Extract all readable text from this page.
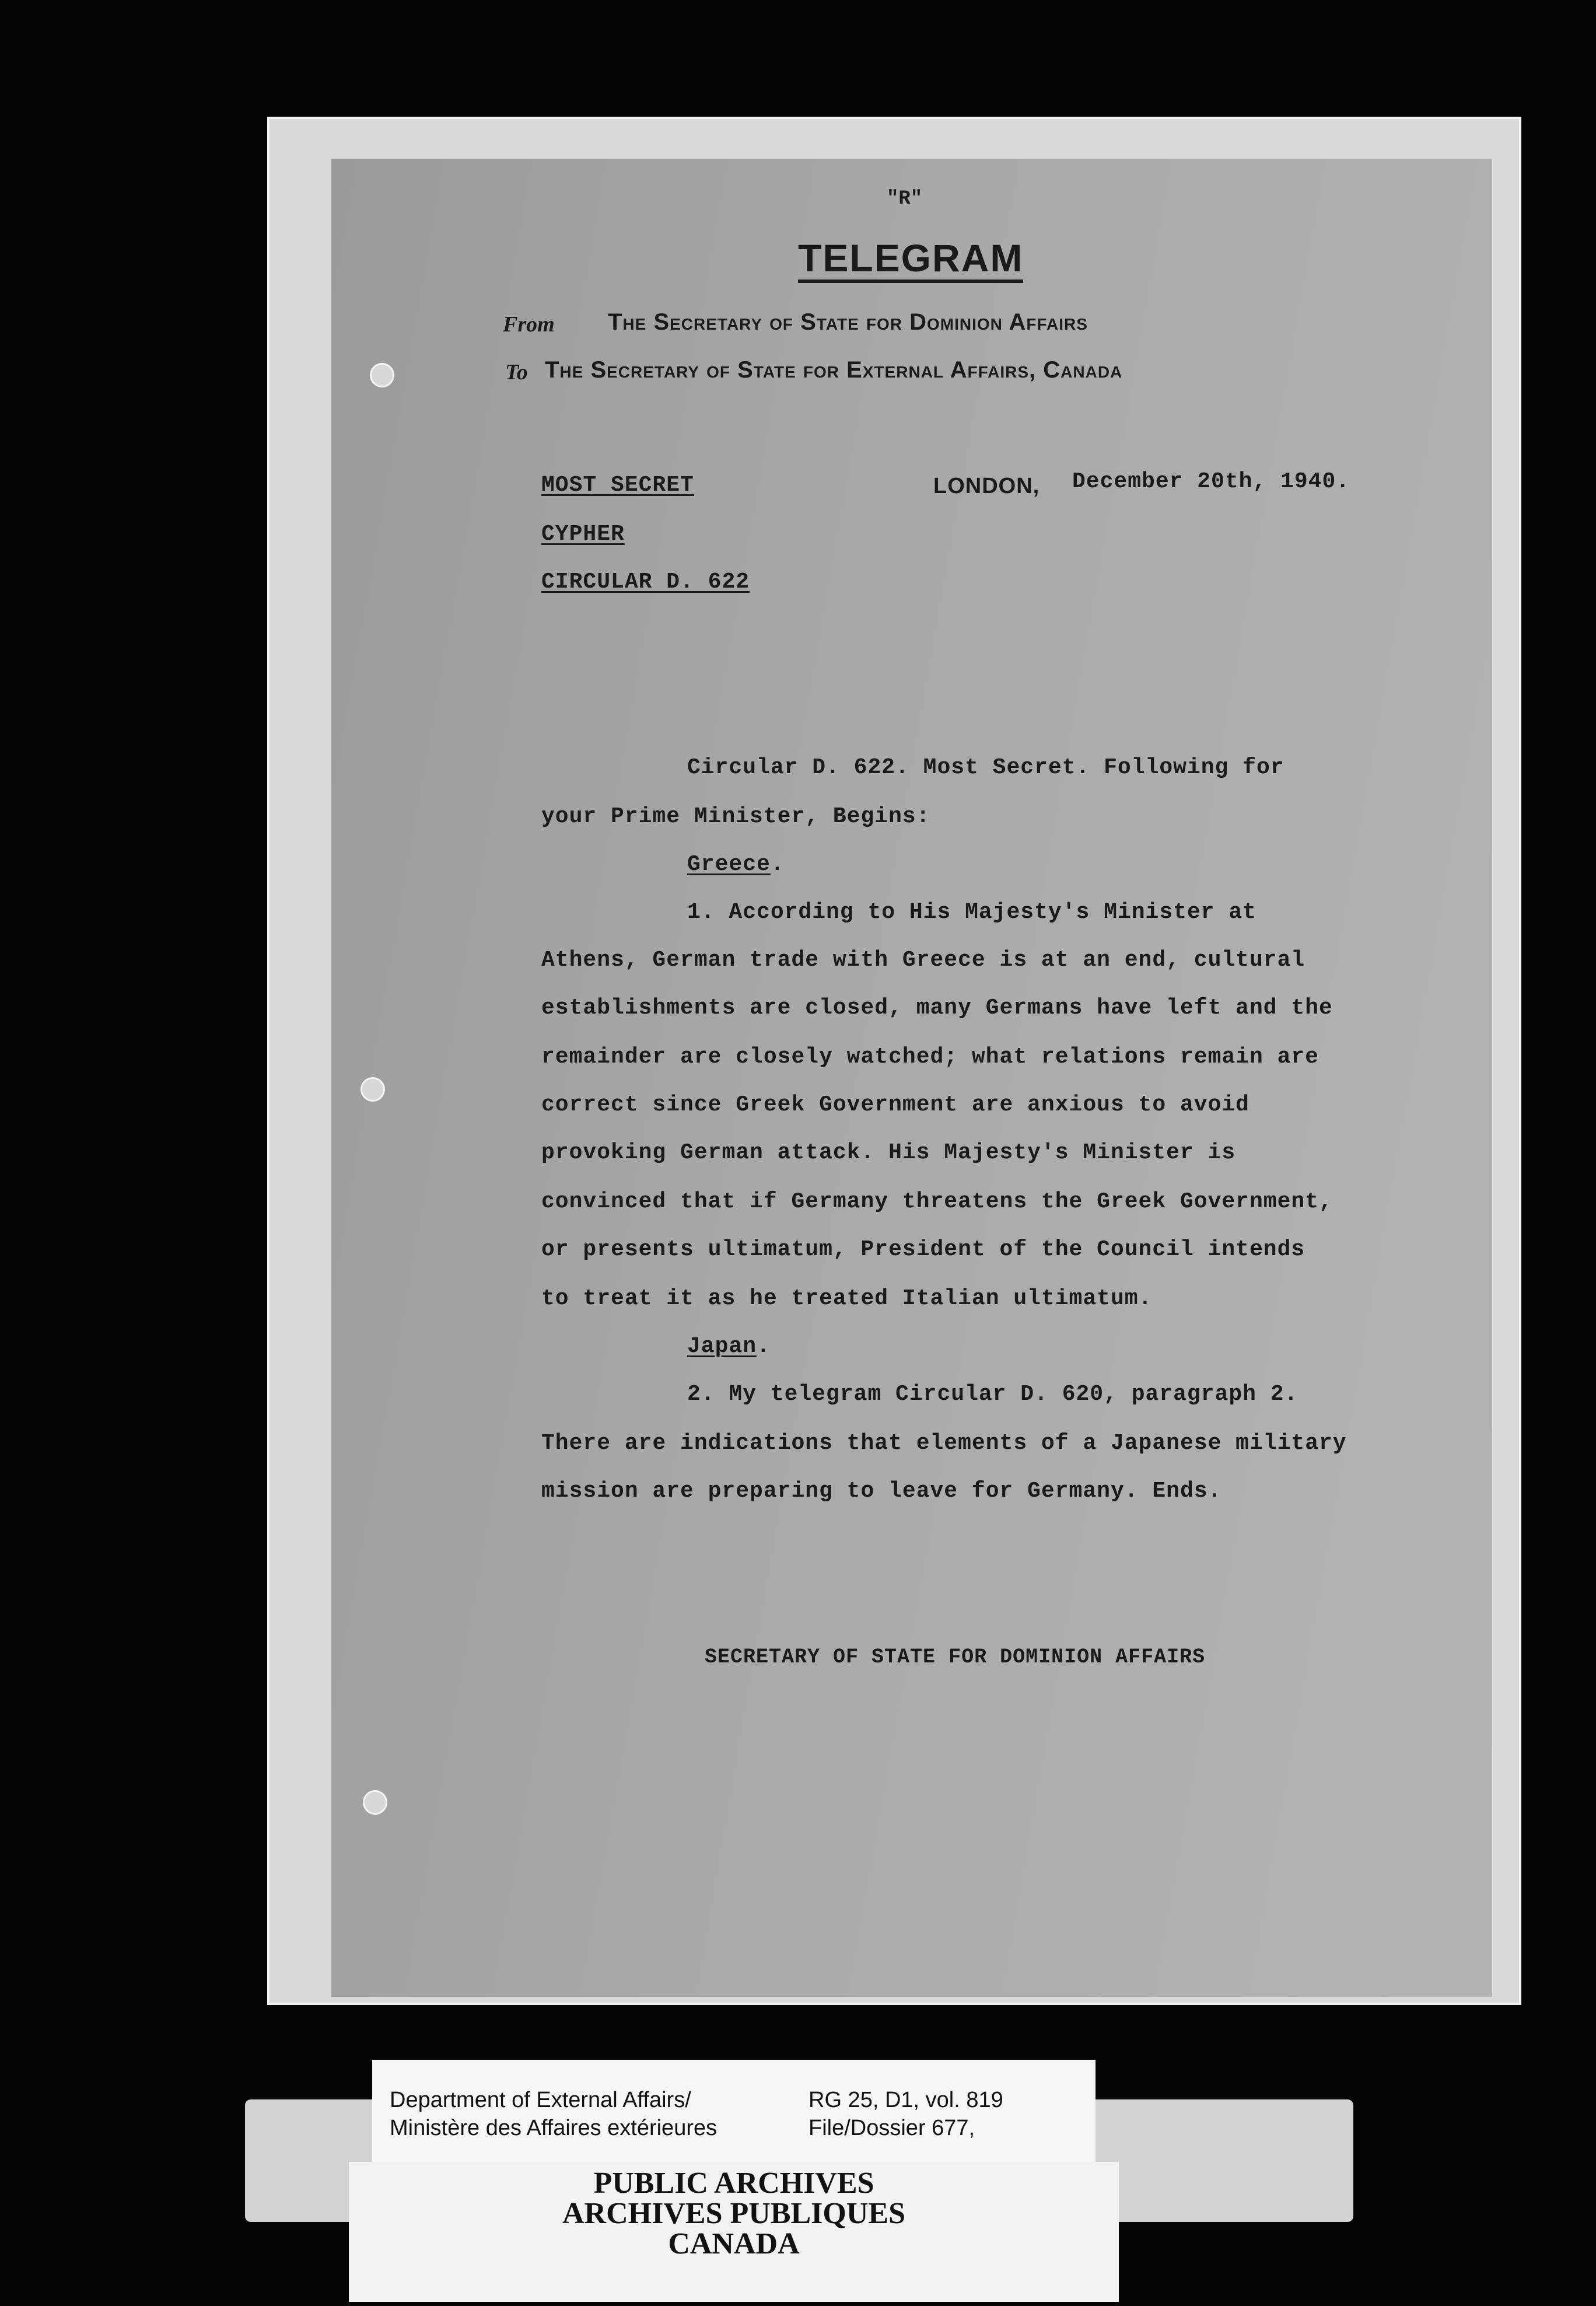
"R"
TELEGRAM
From The Secretary of State for Dominion Affairs
To The Secretary of State for External Affairs, Canada
MOST SECRET
CYPHER
CIRCULAR D. 622
LONDON, December 20th, 1940.
Circular D. 622. Most Secret. Following for
your Prime Minister, Begins:
Greece.
1. According to His Majesty's Minister at
Athens, German trade with Greece is at an end, cultural
establishments are closed, many Germans have left and the
remainder are closely watched; what relations remain are
correct since Greek Government are anxious to avoid
provoking German attack. His Majesty's Minister is
convinced that if Germany threatens the Greek Government,
or presents ultimatum, President of the Council intends
to treat it as he treated Italian ultimatum.
Japan.
2. My telegram Circular D. 620, paragraph 2.
There are indications that elements of a Japanese military
mission are preparing to leave for Germany. Ends.
SECRETARY OF STATE FOR DOMINION AFFAIRS
Department of External Affairs/
Ministère des Affaires extérieures
RG 25, D1, vol. 819
File/Dossier 677,
PUBLIC ARCHIVES
ARCHIVES PUBLIQUES
CANADA
